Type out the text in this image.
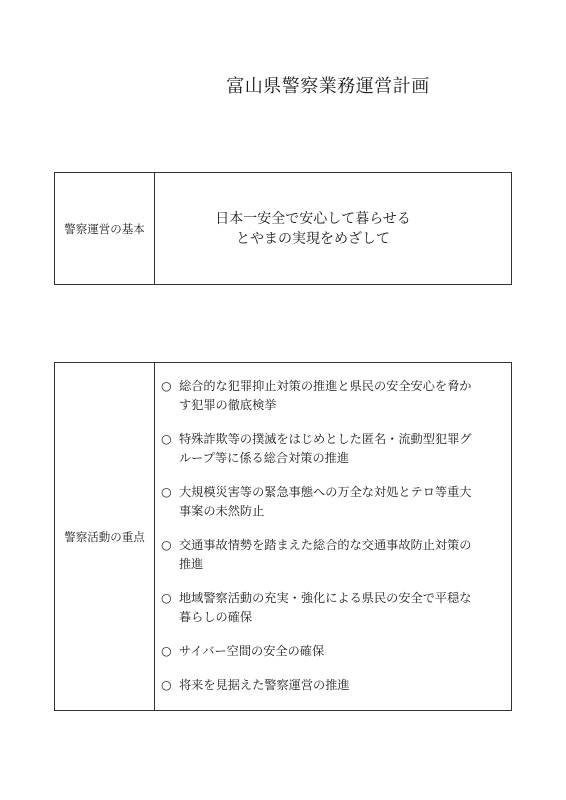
富山県警察業務運営計画
警察運営の基本
日本一安全で安心して暮らせる
とやまの実現をめざして
警察活動の重点
○ 総合的な犯罪抑止対策の推進と県民の安全安心を脅か
す犯罪の徹底検挙
○ 特殊詐欺等の撲滅をはじめとした匿名・流動型犯罪グ
ループ等に係る総合対策の推進
○ 大規模災害等の緊急事態への万全な対処とテロ等重大
事案の未然防止
○ 交通事故情勢を踏まえた総合的な交通事故防止対策の
推進
○ 地域警察活動の充実・強化による県民の安全で平穏な
暮らしの確保
○ サイバー空間の安全の確保
○ 将来を見据えた警察運営の推進
